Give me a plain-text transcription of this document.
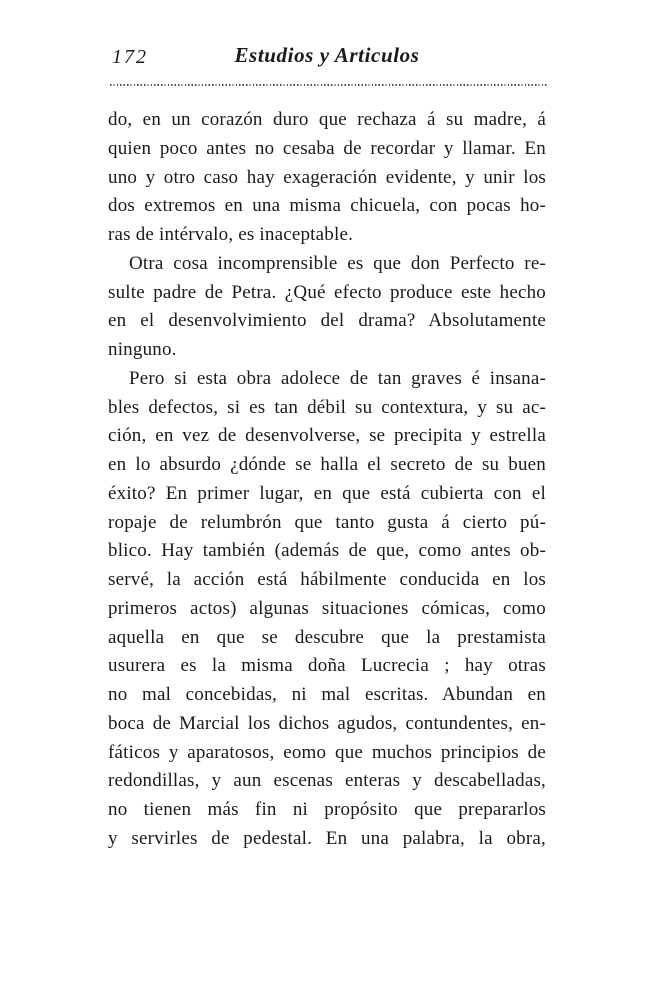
172	Estudios y Articulos
do, en un corazón duro que rechaza á su madre, á
quien poco antes no cesaba de recordar y llamar. En
uno y otro caso hay exageración evidente, y unir los
dos extremos en una misma chicuela, con pocas ho-
ras de intérvalo, es inaceptable.
Otra cosa incomprensible es que don Perfecto re-
sulte padre de Petra. ¿Qué efecto produce este hecho
en el desenvolvimiento del drama? Absolutamente
ninguno.
Pero si esta obra adolece de tan graves é insana-
bles defectos, si es tan débil su contextura, y su ac-
ción, en vez de desenvolverse, se precipita y estrella
en lo absurdo ¿dónde se halla el secreto de su buen
éxito? En primer lugar, en que está cubierta con el
ropaje de relumbrón que tanto gusta á cierto pú-
blico. Hay también (además de que, como antes ob-
servé, la acción está hábilmente conducida en los
primeros actos) algunas situaciones cómicas, como
aquella en que se descubre que la prestamista
usurera es la misma doña Lucrecia ; hay otras
no mal concebidas, ni mal escritas. Abundan en
boca de Marcial los dichos agudos, contundentes, en-
fáticos y aparatosos, eomo que muchos principios de
redondillas, y aun escenas enteras y descabelladas,
no tienen más fin ni propósito que prepararlos
y servirles de pedestal. En una palabra, la obra,
